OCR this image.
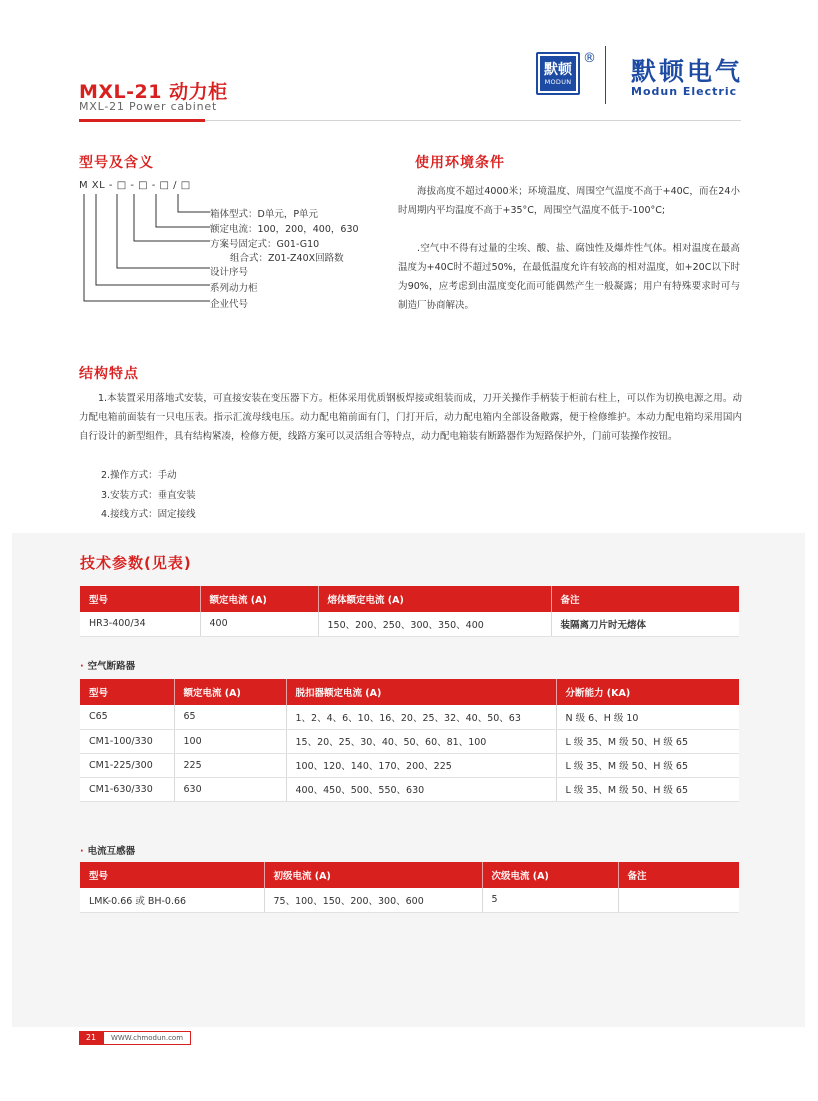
MXL-21 动力柜
MXL-21 Power cabinet
默顿
MODUN
® 默顿电气
Modun Electric
型号及含义
M XL - □ - □ - □ / □
箱体型式：D单元，P单元
额定电流：100，200，400，630
方案号固定式：G01-G10
组合式：Z01-Z40X回路数
设计序号
系列动力柜
企业代号
使用环境条件
海拔高度不超过4000米；环境温度、周围空气温度不高于+40C，而在24小时周期内平均温度不高于+35°C，周围空气温度不低于-100°C;
.空气中不得有过量的尘埃、酸、盐、腐蚀性及爆炸性气体。相对温度在最高温度为+40C时不超过50%，在最低温度允许有较高的相对温度，如+20C以下时为90%，应考虑到由温度变化而可能偶然产生一般凝露；用户有特殊要求时可与制造厂协商解决。
结构特点
1.本装置采用落地式安装，可直接安装在变压器下方。柜体采用优质钢板焊接或组装而成，刀开关操作手柄装于柜前右柱上，可以作为切换电源之用。动力配电箱前面装有一只电压表。指示汇流母线电压。动力配电箱前面有门，门打开后，动力配电箱内全部设备敞露，便于检修维护。本动力配电箱均采用国内自行设计的新型组件，具有结构紧凑，检修方便，线路方案可以灵活组合等特点，动力配电箱装有断路器作为短路保护外，门前可装操作按钮。
2.操作方式：手动
3.安装方式：垂直安装
4.接线方式：固定接线
技术参数(见表)
型号	额定电流 (A)	熔体额定电流 (A)	备注
HR3-400/34	400	150、200、250、300、350、400	装隔离刀片时无熔体
· 空气断路器
型号	额定电流 (A)	脱扣器额定电流 (A)	分断能力 (KA)
C65	65	1、2、4、6、10、16、20、25、32、40、50、63	N 级 6、H 级 10
CM1-100/330	100	15、20、25、30、40、50、60、81、100	L 级 35、M 级 50、H 级 65
CM1-225/300	225	100、120、140、170、200、225	L 级 35、M 级 50、H 级 65
CM1-630/330	630	400、450、500、550、630	L 级 35、M 级 50、H 级 65
· 电流互感器
型号	初级电流 (A)	次级电流 (A)	备注
LMK-0.66 或 BH-0.66	75、100、150、200、300、600	5	
21	WWW.chmodun.com
